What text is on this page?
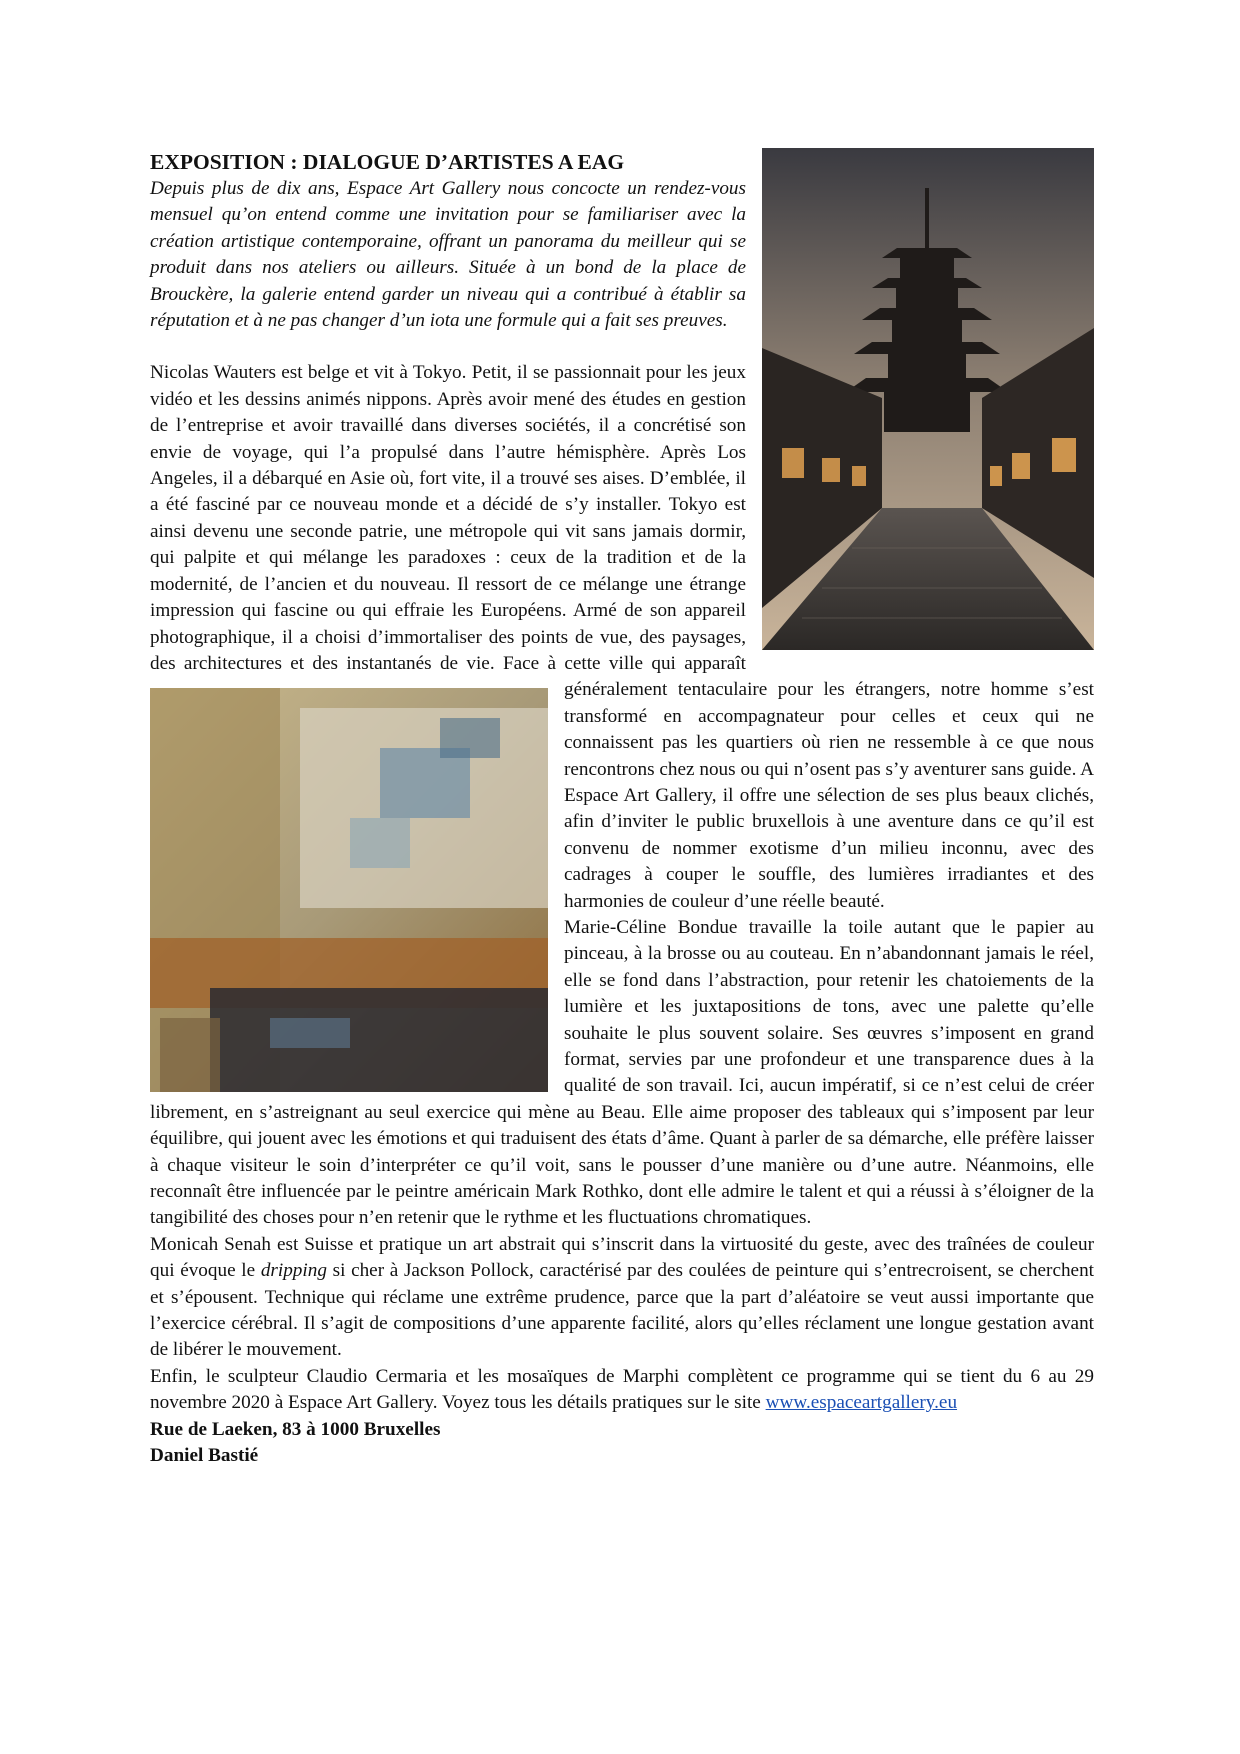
EXPOSITION : DIALOGUE D’ARTISTES A EAG

Depuis plus de dix ans, Espace Art Gallery nous concocte un rendez-vous mensuel qu’on entend comme une invitation pour se familiariser avec la création artistique contemporaine, offrant un panorama du meilleur qui se produit dans nos ateliers ou ailleurs. Située à un bond de la place de Brouckère, la galerie entend garder un niveau qui a contribué à établir sa réputation et à ne pas changer d’un iota une formule qui a fait ses preuves.

Nicolas Wauters est belge et vit à Tokyo. Petit, il se passionnait pour les jeux vidéo et les dessins animés nippons. Après avoir mené des études en gestion de l’entreprise et avoir travaillé dans diverses sociétés, il a concrétisé son envie de voyage, qui l’a propulsé dans l’autre hémisphère. Après Los Angeles, il a débarqué en Asie où, fort vite, il a trouvé ses aises. D’emblée, il a été fasciné par ce nouveau monde et a décidé de s’y installer. Tokyo est ainsi devenu une seconde patrie, une métropole qui vit sans jamais dormir, qui palpite et qui mélange les paradoxes : ceux de la tradition et de la modernité, de l’ancien et du nouveau. Il ressort de ce mélange une étrange impression qui fascine ou qui effraie les Européens. Armé de son appareil photographique, il a choisi d’immortaliser des points de vue, des paysages, des architectures et des instantanés de vie. Face à cette ville qui apparaît généralement tentaculaire pour les étrangers, notre homme s’est transformé en accompagnateur pour celles et ceux qui ne connaissent pas les quartiers où rien ne ressemble à ce que nous rencontrons chez nous ou qui n’osent pas s’y aventurer sans guide. A Espace Art Gallery, il offre une sélection de ses plus beaux clichés, afin d’inviter le public bruxellois à une aventure dans ce qu’il est convenu de nommer exotisme d’un milieu inconnu, avec des cadrages à couper le souffle, des lumières irradiantes et des harmonies de couleur d’une réelle beauté.

Marie-Céline Bondue travaille la toile autant que le papier au pinceau, à la brosse ou au couteau. En n’abandonnant jamais le réel, elle se fond dans l’abstraction, pour retenir les chatoiements de la lumière et les juxtapositions de tons, avec une palette qu’elle souhaite le plus souvent solaire. Ses œuvres s’imposent en grand format, servies par une profondeur et une transparence dues à la qualité de son travail. Ici, aucun impératif, si ce n’est celui de créer librement, en s’astreignant au seul exercice qui mène au Beau. Elle aime proposer des tableaux qui s’imposent par leur équilibre, qui jouent avec les émotions et qui traduisent des états d’âme. Quant à parler de sa démarche, elle préfère laisser à chaque visiteur le soin d’interpréter ce qu’il voit, sans le pousser d’une manière ou d’une autre. Néanmoins, elle reconnaît être influencée par le peintre américain Mark Rothko, dont elle admire le talent et qui a réussi à s’éloigner de la tangibilité des choses pour n’en retenir que le rythme et les fluctuations chromatiques.

Monicah Senah est Suisse et pratique un art abstrait qui s’inscrit dans la virtuosité du geste, avec des traînées de couleur qui évoque le dripping si cher à Jackson Pollock, caractérisé par des coulées de peinture qui s’entrecroisent, se cherchent et s’épousent. Technique qui réclame une extrême prudence, parce que la part d’aléatoire se veut aussi importante que l’exercice cérébral. Il s’agit de compositions d’une apparente facilité, alors qu’elles réclament une longue gestation avant de libérer le mouvement.

Enfin, le sculpteur Claudio Cermaria et les mosaïques de Marphi complètent ce programme qui se tient du 6 au 29 novembre 2020 à Espace Art Gallery. Voyez tous les détails pratiques sur le site www.espaceartgallery.eu

Rue de Laeken, 83 à 1000 Bruxelles

Daniel Bastié
